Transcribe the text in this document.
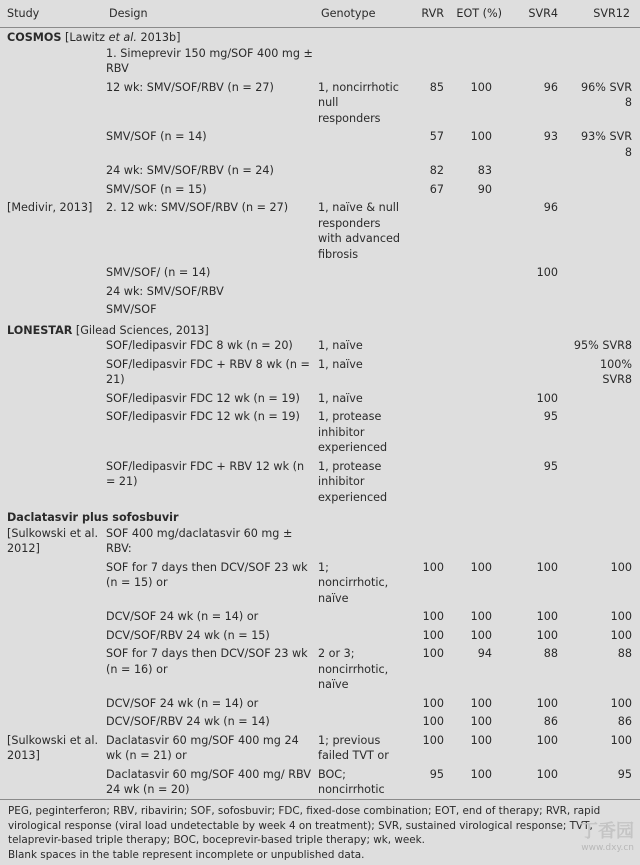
Study	Design	Genotype	RVR	EOT (%)	SVR4	SVR12
COSMOS [Lawitz et al. 2013b]						
	1. Simeprevir 150 mg/SOF 400 mg ± RBV					
	12 wk: SMV/SOF/RBV (n = 27)	1, noncirrhotic null responders	85	100	96	96% SVR 8
	SMV/SOF (n = 14)		57	100	93	93% SVR 8
	24 wk: SMV/SOF/RBV (n = 24)		82	83		
	SMV/SOF (n = 15)		67	90		
[Medivir, 2013]	2. 12 wk: SMV/SOF/RBV (n = 27)	1, naïve & null responders with advanced fibrosis			96	
	SMV/SOF/ (n = 14)				100	
	24 wk: SMV/SOF/RBV					
	SMV/SOF					
LONESTAR [Gilead Sciences, 2013]						
	SOF/ledipasvir FDC 8 wk (n = 20)	1, naïve				95% SVR8
	SOF/ledipasvir FDC + RBV 8 wk (n = 21)	1, naïve				100% SVR8
	SOF/ledipasvir FDC 12 wk (n = 19)	1, naïve			100	
	SOF/ledipasvir FDC 12 wk (n = 19)	1, protease inhibitor experienced			95	
	SOF/ledipasvir FDC + RBV 12 wk (n = 21)	1, protease inhibitor experienced			95	
Daclatasvir plus sofosbuvir						
[Sulkowski et al. 2012]	SOF 400 mg/daclatasvir 60 mg ± RBV:					
	SOF for 7 days then DCV/SOF 23 wk (n = 15) or	1; noncirrhotic, naïve	100	100	100	100
	DCV/SOF 24 wk (n = 14) or		100	100	100	100
	DCV/SOF/RBV 24 wk (n = 15)		100	100	100	100
	SOF for 7 days then DCV/SOF 23 wk (n = 16) or	2 or 3; noncirrhotic, naïve	100	94	88	88
	DCV/SOF 24 wk (n = 14) or		100	100	100	100
	DCV/SOF/RBV 24 wk (n = 14)		100	100	86	86
[Sulkowski et al. 2013]	Daclatasvir 60 mg/SOF 400 mg 24 wk (n = 21) or	1; previous failed TVT or	100	100	100	100
	Daclatasvir 60 mg/SOF 400 mg/ RBV 24 wk (n = 20)	BOC; noncirrhotic	95	100	100	95

PEG, peginterferon; RBV, ribavirin; SOF, sofosbuvir; FDC, fixed-dose combination; EOT, end of therapy; RVR, rapid virological response (viral load undetectable by week 4 on treatment); SVR, sustained virological response; TVT, telaprevir-based triple therapy; BOC, boceprevir-based triple therapy; wk, week.

Blank spaces in the table represent incomplete or unpublished data.

丁香园
www.dxy.cn
